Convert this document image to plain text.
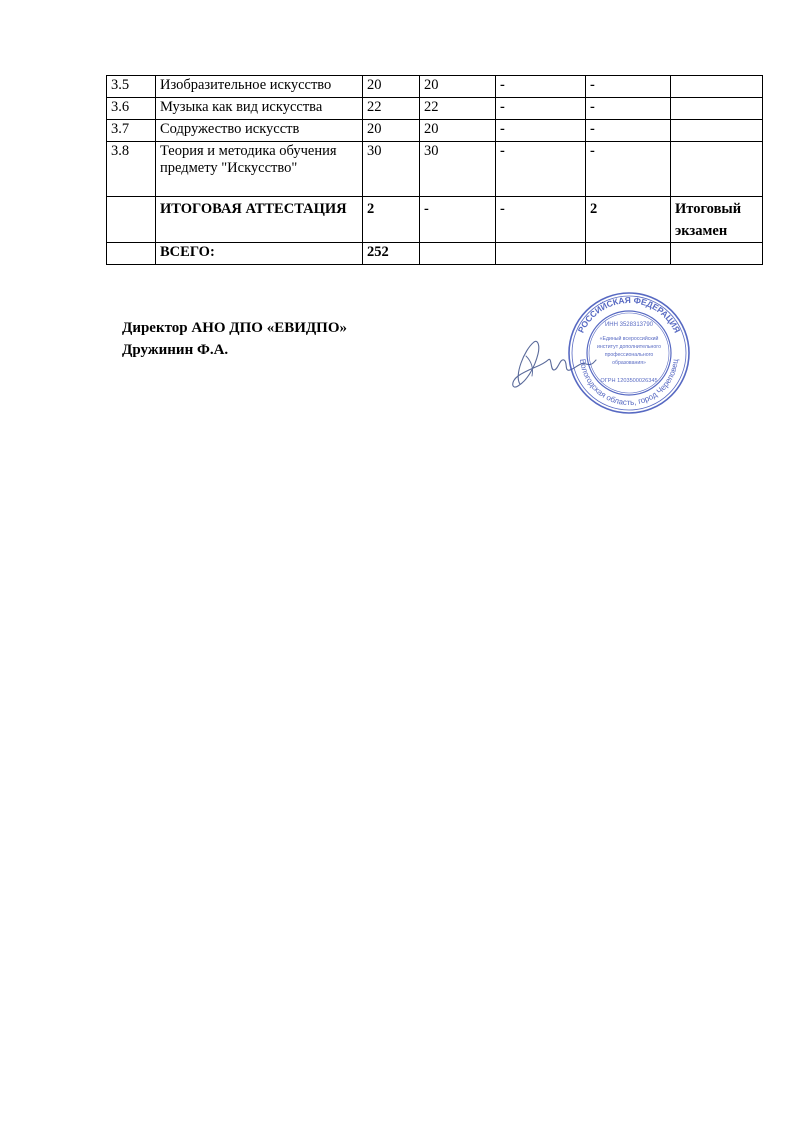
3.5	Изобразительное искусство	20	20	-	-	
3.6	Музыка как вид искусства	22	22	-	-	
3.7	Содружество искусств	20	20	-	-	
3.8	Теория и методика обучения предмету "Искусство"	30	30	-	-	
	ИТОГОВАЯ АТТЕСТАЦИЯ	2	-	-	2	Итоговый экзамен
	ВСЕГО:	252				
Директор АНО ДПО «ЕВИДПО»
Дружинин Ф.А.
РОССИЙСКАЯ ФЕДЕРАЦИЯ
Вологодская область, город Череповец
ИНН 3528313790
«Единый всероссийский
институт дополнительного
профессионального
образования»
ОГРН 1203500026345
